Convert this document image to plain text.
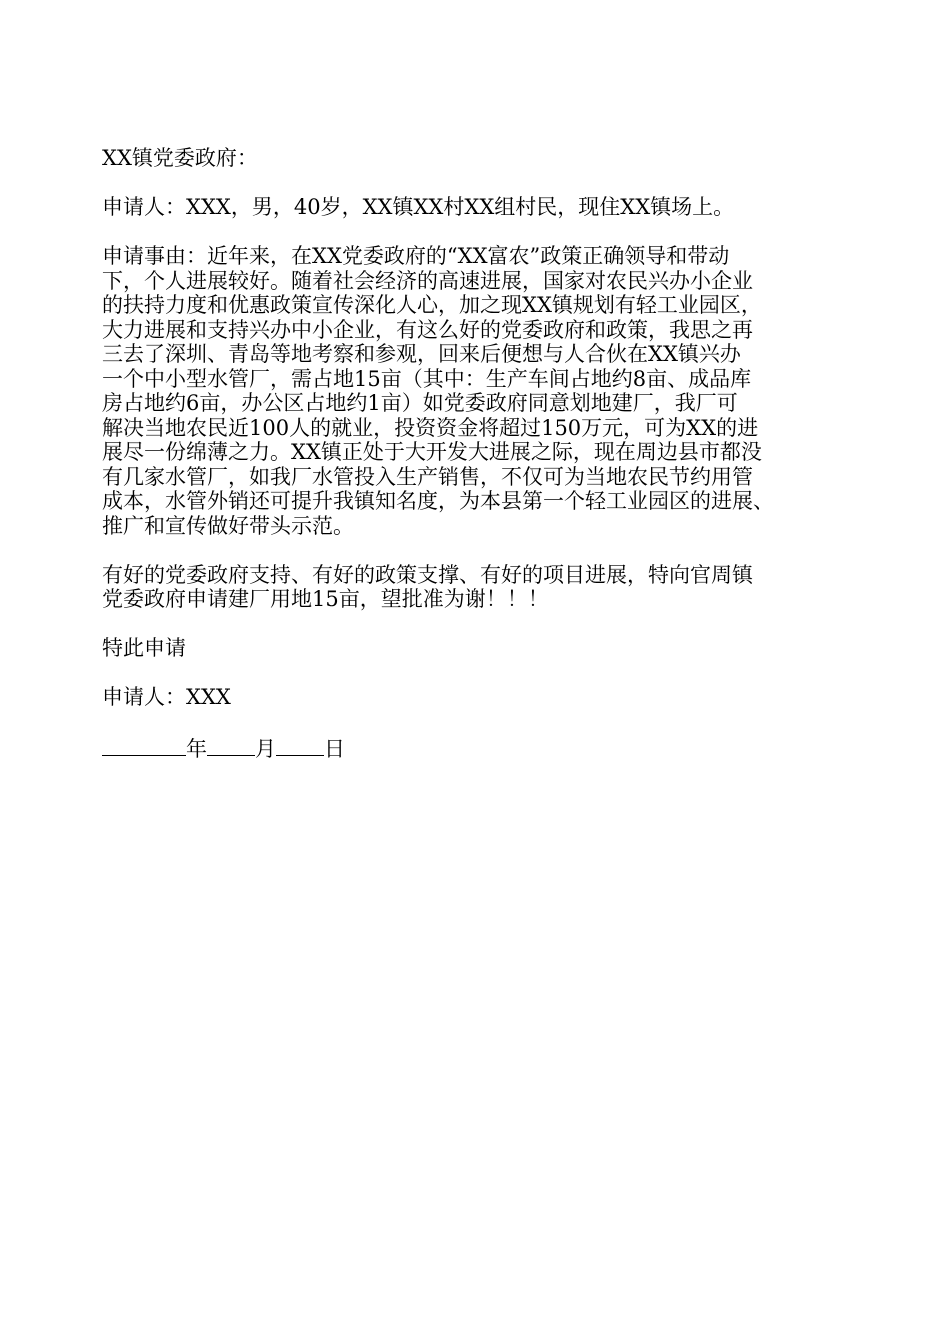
XX镇党委政府：

申请人：XXX，男，40岁，XX镇XX村XX组村民，现住XX镇场上。

申请事由：近年来，在XX党委政府的“XX富农”政策正确领导和带动
下，个人进展较好。随着社会经济的高速进展，国家对农民兴办小企业
的扶持力度和优惠政策宣传深化人心，加之现XX镇规划有轻工业园区，
大力进展和支持兴办中小企业，有这么好的党委政府和政策，我思之再
三去了深圳、青岛等地考察和参观，回来后便想与人合伙在XX镇兴办
一个中小型水管厂，需占地15亩（其中：生产车间占地约8亩、成品库
房占地约6亩，办公区占地约1亩）如党委政府同意划地建厂，我厂可
解决当地农民近100人的就业，投资资金将超过150万元，可为XX的进
展尽一份绵薄之力。XX镇正处于大开发大进展之际，现在周边县市都没
有几家水管厂，如我厂水管投入生产销售，不仅可为当地农民节约用管
成本，水管外销还可提升我镇知名度，为本县第一个轻工业园区的进展、
推广和宣传做好带头示范。

有好的党委政府支持、有好的政策支撑、有好的项目进展，特向官周镇
党委政府申请建厂用地15亩，望批准为谢！！！

特此申请

申请人：XXX

年 月 日
